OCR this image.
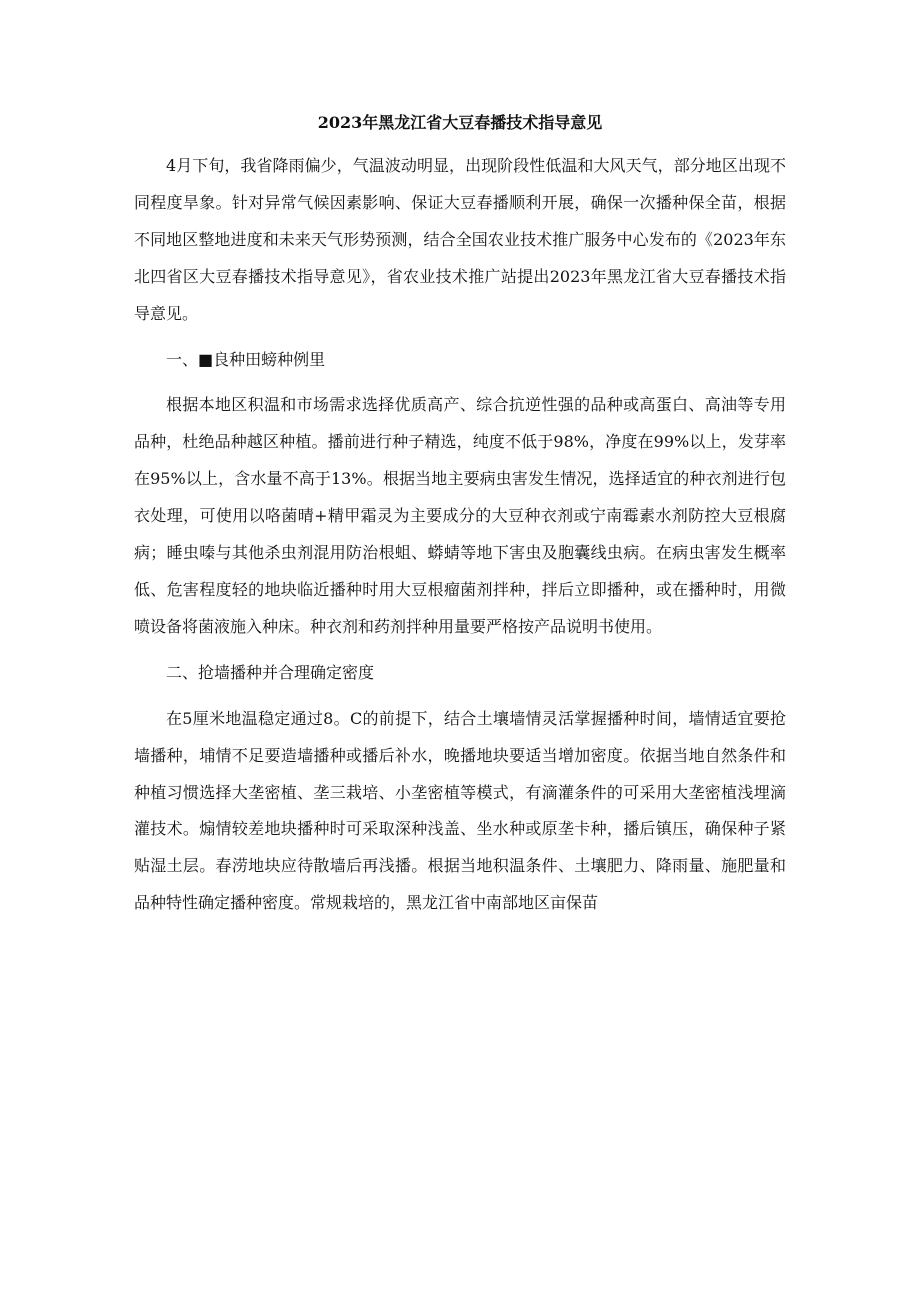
2023年黑龙江省大豆春播技术指导意见

4月下旬，我省降雨偏少，气温波动明显，出现阶段性低温和大风天气，部分地区出现不同程度旱象。针对异常气候因素影响、保证大豆春播顺利开展，确保一次播种保全苗，根据不同地区整地进度和未来天气形势预测，结合全国农业技术推广服务中心发布的《2023年东北四省区大豆春播技术指导意见》，省农业技术推广站提出2023年黑龙江省大豆春播技术指导意见。

一、■良种田螃种例里

根据本地区积温和市场需求选择优质高产、综合抗逆性强的品种或高蛋白、高油等专用品种，杜绝品种越区种植。播前进行种子精选，纯度不低于98%，净度在99%以上，发芽率在95%以上，含水量不高于13%。根据当地主要病虫害发生情况，选择适宜的种衣剂进行包衣处理，可使用以咯菌晴+精甲霜灵为主要成分的大豆种衣剂或宁南霉素水剂防控大豆根腐病；睡虫嗪与其他杀虫剂混用防治根蛆、蟒蜻等地下害虫及胞囊线虫病。在病虫害发生概率低、危害程度轻的地块临近播种时用大豆根瘤菌剂拌种，拌后立即播种，或在播种时，用微喷设备将菌液施入种床。种衣剂和药剂拌种用量要严格按产品说明书使用。

二、抢墙播种并合理确定密度

在5厘米地温稳定通过8。C的前提下，结合土壤墙情灵活掌握播种时间，墙情适宜要抢墙播种，埔情不足要造墙播种或播后补水，晚播地块要适当增加密度。依据当地自然条件和种植习惯选择大垄密植、垄三栽培、小垄密植等模式，有滴灌条件的可采用大垄密植浅埋滴灌技术。煽情较差地块播种时可采取深种浅盖、坐水种或原垄卡种，播后镇压，确保种子紧贴湿土层。春涝地块应待散墙后再浅播。根据当地积温条件、土壤肥力、降雨量、施肥量和品种特性确定播种密度。常规栽培的，黑龙江省中南部地区亩保苗
